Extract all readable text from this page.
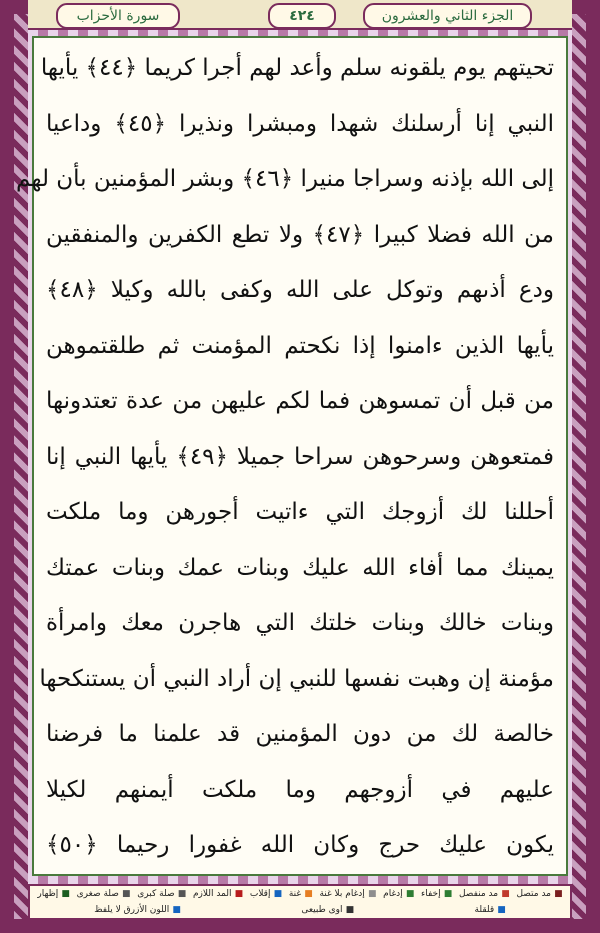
الجزء الثاني والعشرون
٤٢٤
سورة الأحزاب
تحيتهم يوم يلقونه سلم وأعد لهم أجرا كريما ﴿٤٤﴾ يأيها
النبي إنا أرسلنك شهدا ومبشرا ونذيرا ﴿٤٥﴾ وداعيا
إلى الله بإذنه وسراجا منيرا ﴿٤٦﴾ وبشر المؤمنين بأن لهم
من الله فضلا كبيرا ﴿٤٧﴾ ولا تطع الكفرين والمنفقين
ودع أذىهم وتوكل على الله وكفى بالله وكيلا ﴿٤٨﴾
يأيها الذين ءامنوا إذا نكحتم المؤمنت ثم طلقتموهن
من قبل أن تمسوهن فما لكم عليهن من عدة تعتدونها
فمتعوهن وسرحوهن سراحا جميلا ﴿٤٩﴾ يأيها النبي إنا
أحللنا لك أزوجك التي ءاتيت أجورهن وما ملكت
يمينك مما أفاء الله عليك وبنات عمك وبنات عمتك
وبنات خالك وبنات خلتك التي هاجرن معك وامرأة
مؤمنة إن وهبت نفسها للنبي إن أراد النبي أن يستنكحها
خالصة لك من دون المؤمنين قد علمنا ما فرضنا
عليهم في أزوجهم وما ملكت أيمنهم لكيلا
يكون عليك حرج وكان الله غفورا رحيما ﴿٥٠﴾
■ مد متصل
■ مد منفصل
■ إخفاء
■ إدغام
■ إدغام بلا غنة
■ غنة
■ إقلاب
■ المد اللازم
■ صلة كبرى
■ صلة صغرى
■ إظهار
■ قلقلة
■ اوى طبيعى
■ اللون الأزرق لا يلفظ
